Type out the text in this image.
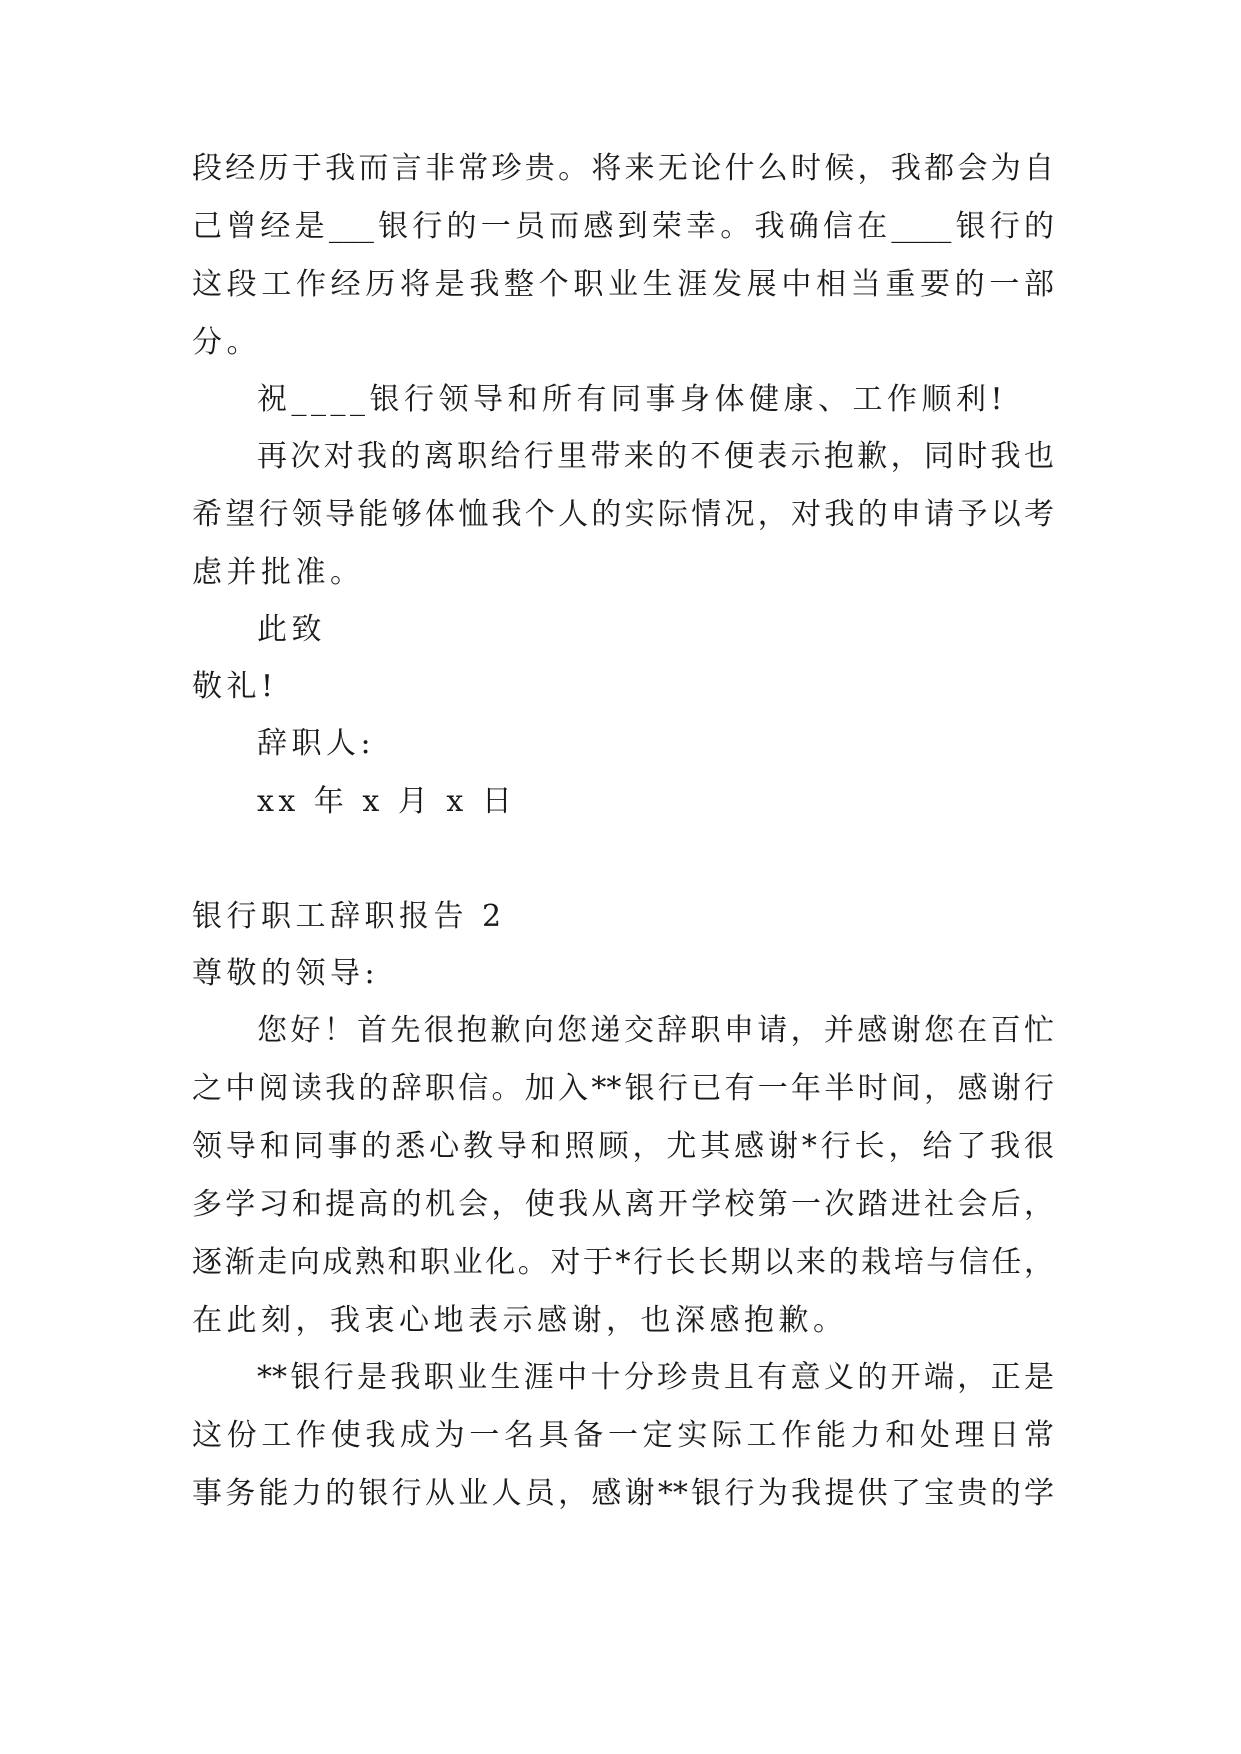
段经历于我而言非常珍贵。将来无论什么时候，我都会为自
己曾经是___银行的一员而感到荣幸。我确信在____银行的
这段工作经历将是我整个职业生涯发展中相当重要的一部
分。
祝____银行领导和所有同事身体健康、工作顺利!
再次对我的离职给行里带来的不便表示抱歉，同时我也
希望行领导能够体恤我个人的实际情况，对我的申请予以考
虑并批准。
此致
敬礼!
辞职人:
xx 年 x 月 x 日
银行职工辞职报告 2
尊敬的领导:
您好！首先很抱歉向您递交辞职申请，并感谢您在百忙
之中阅读我的辞职信。加入**银行已有一年半时间，感谢行
领导和同事的悉心教导和照顾，尤其感谢*行长，给了我很
多学习和提高的机会，使我从离开学校第一次踏进社会后，
逐渐走向成熟和职业化。对于*行长长期以来的栽培与信任，
在此刻，我衷心地表示感谢，也深感抱歉。
**银行是我职业生涯中十分珍贵且有意义的开端，正是
这份工作使我成为一名具备一定实际工作能力和处理日常
事务能力的银行从业人员，感谢**银行为我提供了宝贵的学
